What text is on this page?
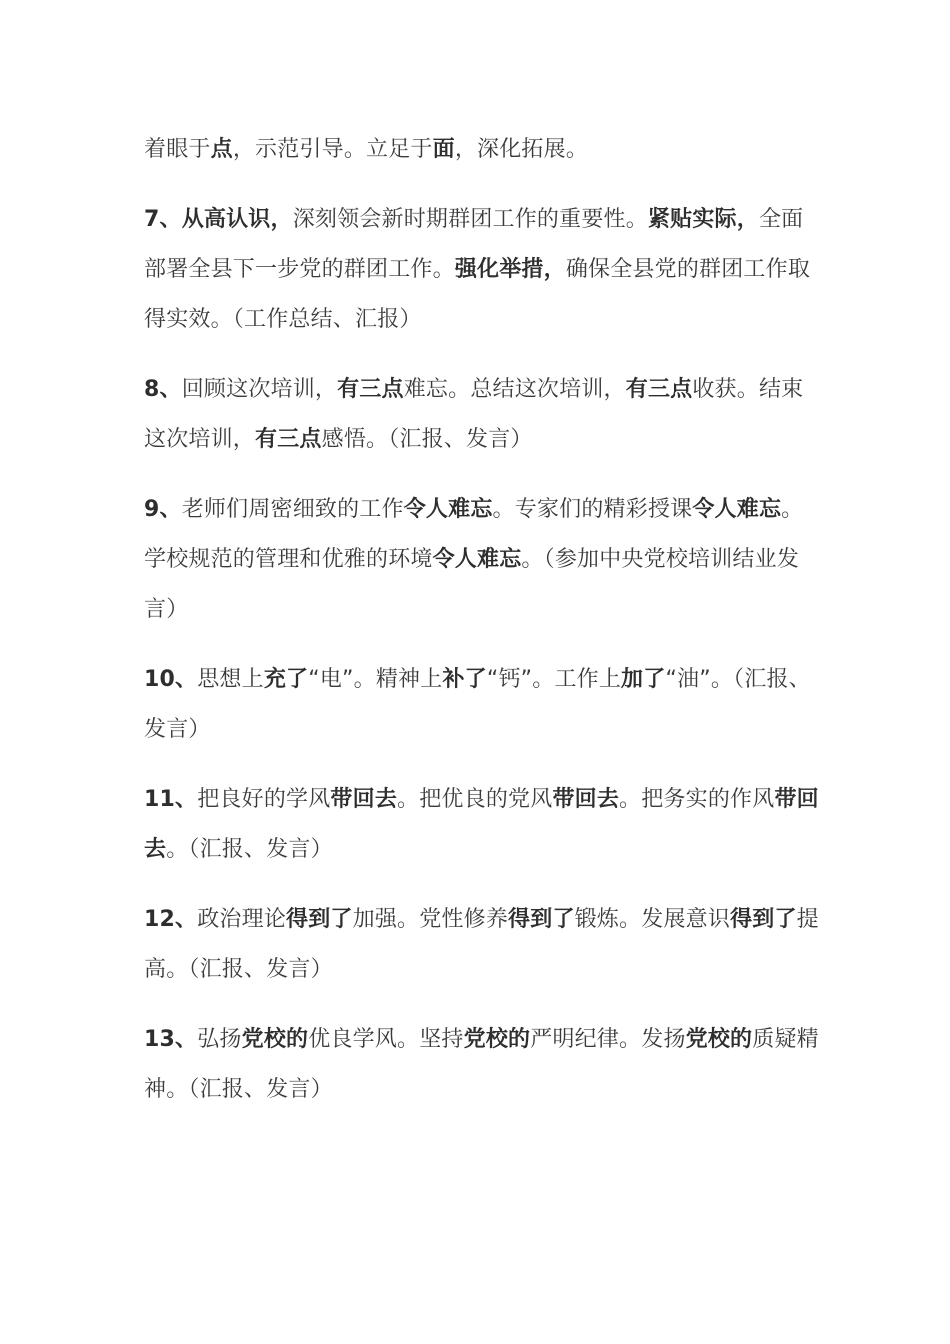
着眼于点，示范引导。立足于面，深化拓展。

7、从高认识，深刻领会新时期群团工作的重要性。紧贴实际，全面部署全县下一步党的群团工作。强化举措，确保全县党的群团工作取得实效。（工作总结、汇报）

8、回顾这次培训，有三点难忘。总结这次培训，有三点收获。结束这次培训，有三点感悟。（汇报、发言）

9、老师们周密细致的工作令人难忘。专家们的精彩授课令人难忘。学校规范的管理和优雅的环境令人难忘。（参加中央党校培训结业发言）

10、思想上充了“电”。精神上补了“钙”。工作上加了“油”。（汇报、发言）

11、把良好的学风带回去。把优良的党风带回去。把务实的作风带回去。（汇报、发言）

12、政治理论得到了加强。党性修养得到了锻炼。发展意识得到了提高。（汇报、发言）

13、弘扬党校的优良学风。坚持党校的严明纪律。发扬党校的质疑精神。（汇报、发言）
